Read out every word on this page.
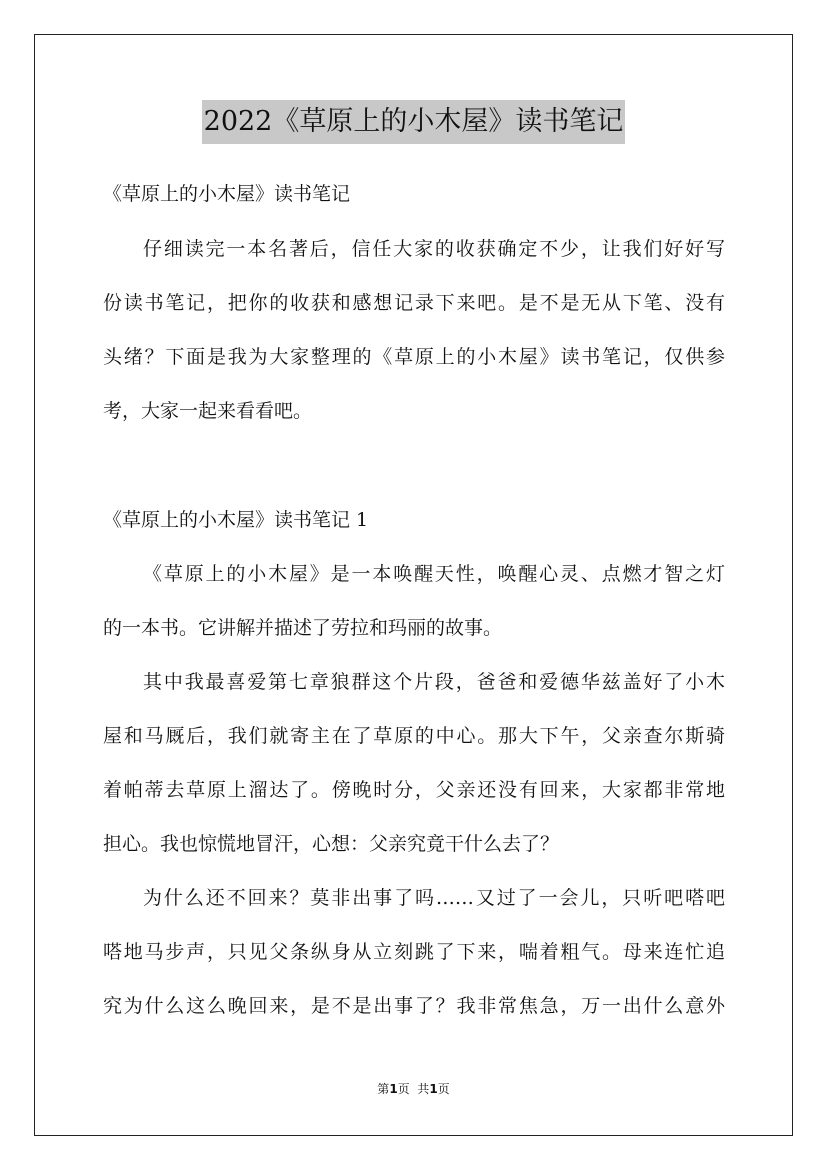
2022《草原上的小木屋》读书笔记
《草原上的小木屋》读书笔记
仔细读完一本名著后，信任大家的收获确定不少，让我们好好写
份读书笔记，把你的收获和感想记录下来吧。是不是无从下笔、没有
头绪？下面是我为大家整理的《草原上的小木屋》读书笔记，仅供参
考，大家一起来看看吧。
《草原上的小木屋》读书笔记 1
《草原上的小木屋》是一本唤醒天性，唤醒心灵、点燃才智之灯
的一本书。它讲解并描述了劳拉和玛丽的故事。
其中我最喜爱第七章狼群这个片段，爸爸和爱德华兹盖好了小木
屋和马厩后，我们就寄主在了草原的中心。那大下午，父亲查尔斯骑
着帕蒂去草原上溜达了。傍晚时分，父亲还没有回来，大家都非常地
担心。我也惊慌地冒汗，心想：父亲究竟干什么去了？
为什么还不回来？莫非出事了吗……又过了一会儿，只听吧嗒吧
嗒地马步声，只见父条纵身从立刻跳了下来，喘着粗气。母来连忙追
究为什么这么晚回来，是不是出事了？我非常焦急，万一出什么意外
第1页  共1页
